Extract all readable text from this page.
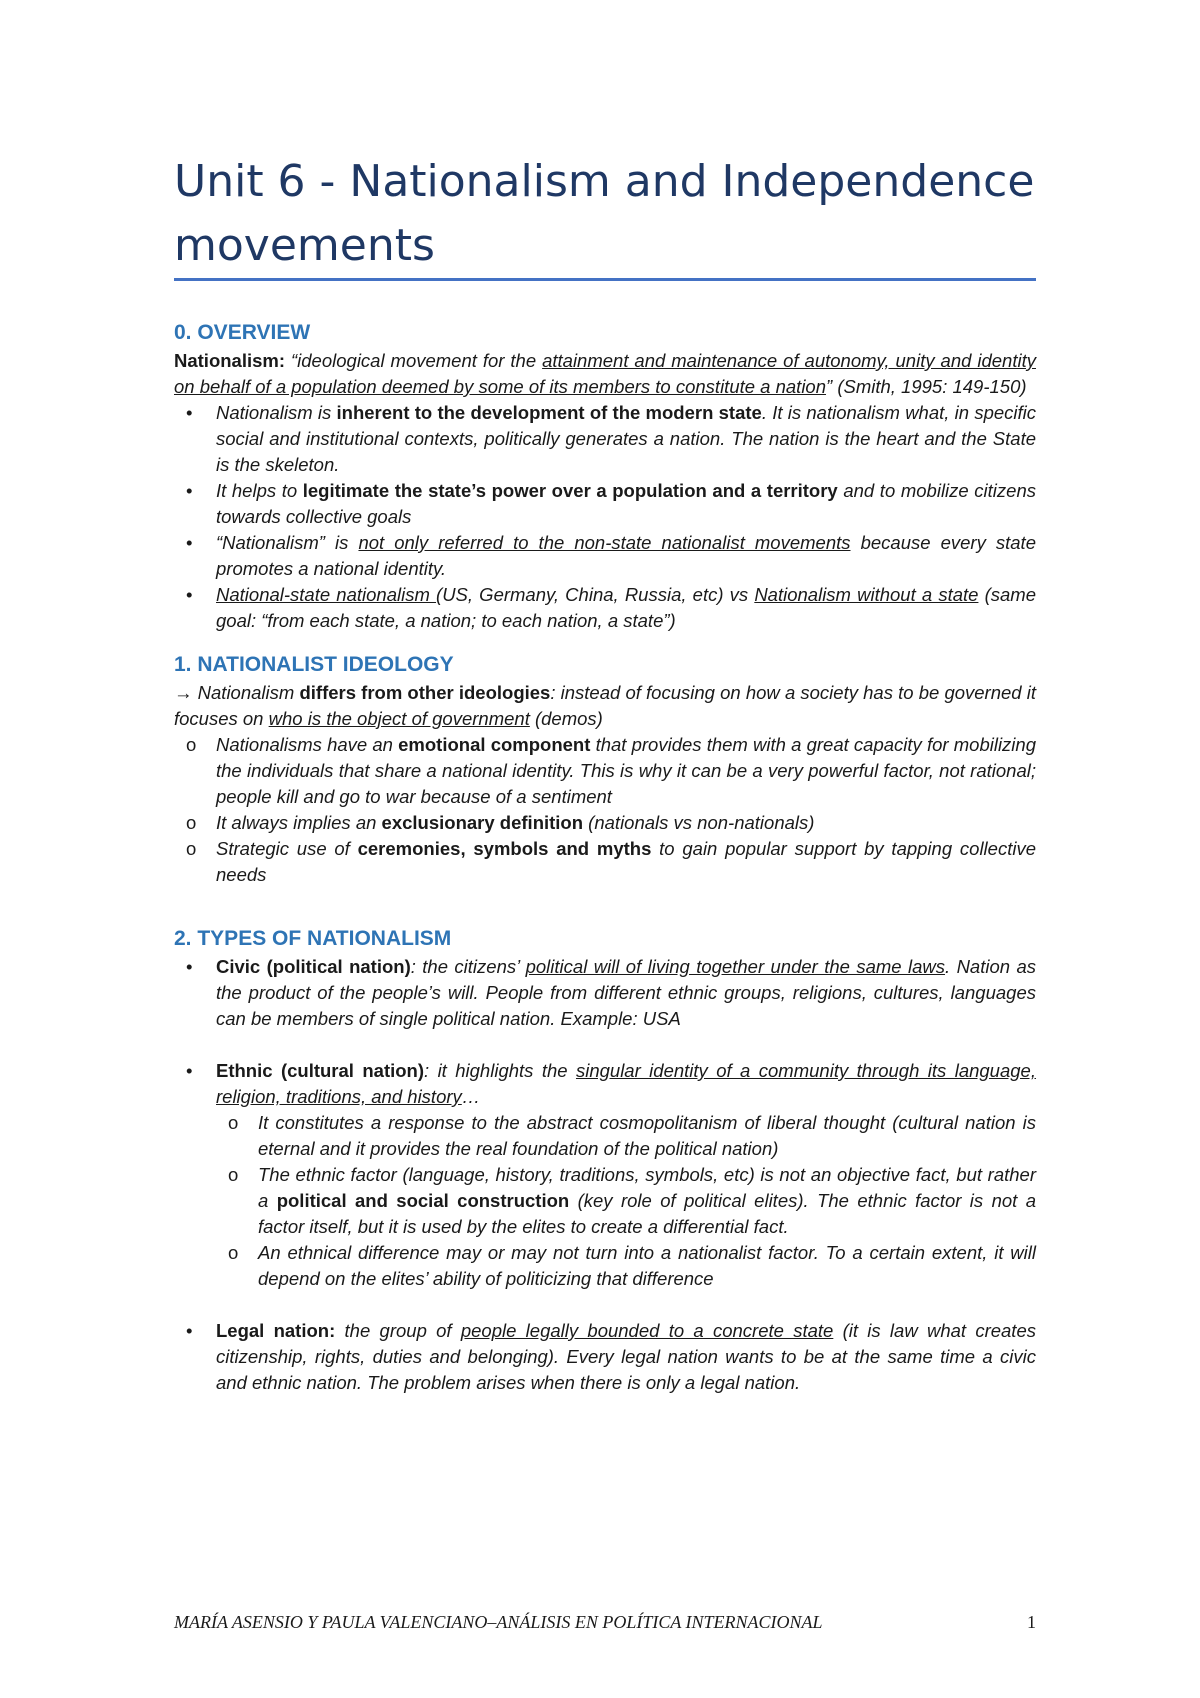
Unit 6 - Nationalism and Independence movements
0. OVERVIEW

Nationalism: “ideological movement for the attainment and maintenance of autonomy, unity and identity on behalf of a population deemed by some of its members to constitute a nation” (Smith, 1995: 149-150)

•	Nationalism is inherent to the development of the modern state. It is nationalism what, in specific social and institutional contexts, politically generates a nation. The nation is the heart and the State is the skeleton.
•	It helps to legitimate the state’s power over a population and a territory and to mobilize citizens towards collective goals
•	“Nationalism” is not only referred to the non-state nationalist movements because every state promotes a national identity.
•	National-state nationalism (US, Germany, China, Russia, etc) vs Nationalism without a state (same goal: “from each state, a nation; to each nation, a state”)
1. NATIONALIST IDEOLOGY

→ Nationalism differs from other ideologies: instead of focusing on how a society has to be governed it focuses on who is the object of government (demos)

o	Nationalisms have an emotional component that provides them with a great capacity for mobilizing the individuals that share a national identity. This is why it can be a very powerful factor, not rational; people kill and go to war because of a sentiment
o	It always implies an exclusionary definition (nationals vs non-nationals)
o	Strategic use of ceremonies, symbols and myths to gain popular support by tapping collective needs
2. TYPES OF NATIONALISM
•	Civic (political nation): the citizens’ political will of living together under the same laws. Nation as the product of the people’s will. People from different ethnic groups, religions, cultures, languages can be members of single political nation. Example: USA
•	Ethnic (cultural nation): it highlights the singular identity of a community through its language, religion, traditions, and history…
o	It constitutes a response to the abstract cosmopolitanism of liberal thought (cultural nation is eternal and it provides the real foundation of the political nation)
o	The ethnic factor (language, history, traditions, symbols, etc) is not an objective fact, but rather a political and social construction (key role of political elites). The ethnic factor is not a factor itself, but it is used by the elites to create a differential fact.
o	An ethnical difference may or may not turn into a nationalist factor. To a certain extent, it will depend on the elites’ ability of politicizing that difference
•	Legal nation: the group of people legally bounded to a concrete state (it is law what creates citizenship, rights, duties and belonging). Every legal nation wants to be at the same time a civic and ethnic nation. The problem arises when there is only a legal nation.
MARÍA ASENSIO Y PAULA VALENCIANO–ANÁLISIS EN POLÍTICA INTERNACIONAL	1
